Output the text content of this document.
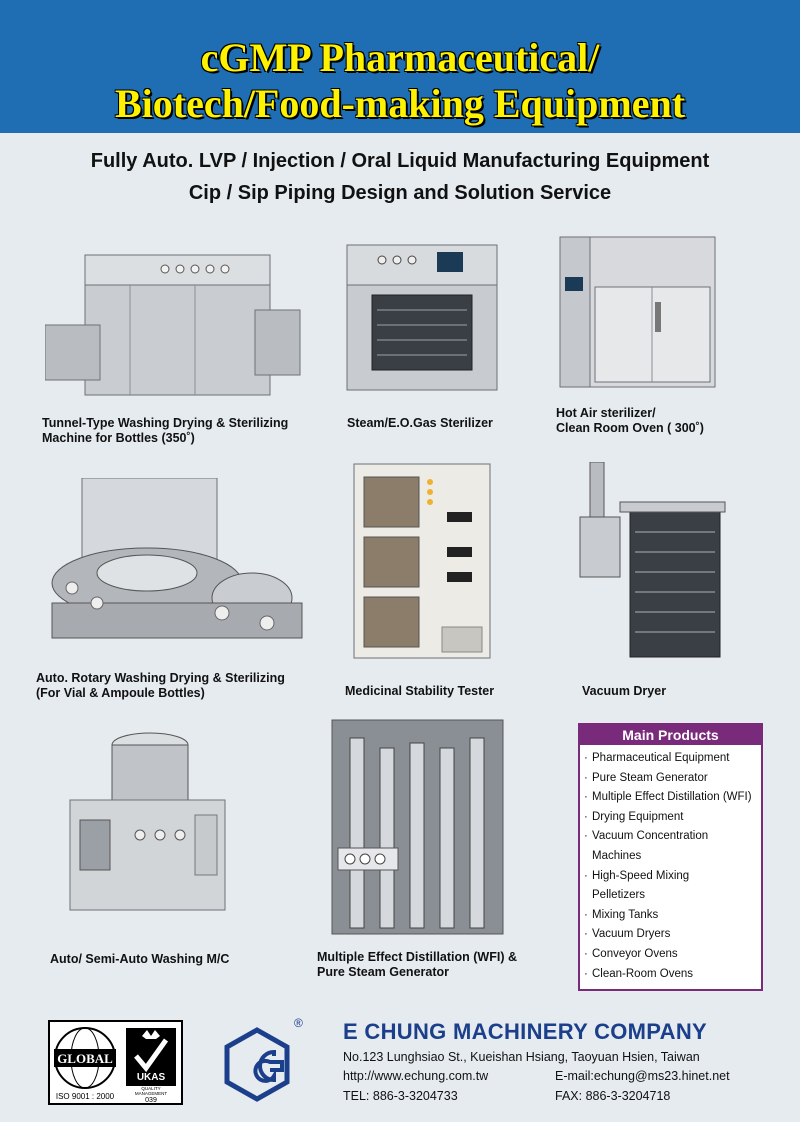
cGMP Pharmaceutical/
Biotech/Food-making Equipment
Fully Auto. LVP / Injection / Oral Liquid Manufacturing Equipment
Cip / Sip Piping Design and Solution Service
Tunnel-Type Washing Drying & Sterilizing
Machine for Bottles (350˚)
Steam/E.O.Gas Sterilizer
Hot Air sterilizer/
Clean Room Oven ( 300˚)
Auto. Rotary Washing Drying & Sterilizing
(For Vial & Ampoule Bottles)	Medicinal Stability Tester	Vacuum Dryer
Auto/ Semi-Auto Washing M/C	Multiple Effect Distillation (WFI) &
Pure Steam Generator
Main Products
· Pharmaceutical Equipment
· Pure Steam Generator
· Multiple Effect Distillation (WFI)
· Drying Equipment
· Vacuum Concentration
Machines
· High-Speed Mixing
Pelletizers
· Mixing Tanks
· Vacuum Dryers
· Conveyor Ovens
· Clean-Room Ovens
GLOBAL
ISO 9001 : 2000
UKAS
QUALITY
MANAGEMENT
039
® E CHUNG MACHINERY COMPANY
No.123 Lunghsiao St., Kueishan Hsiang, Taoyuan Hsien, Taiwan
http://www.echung.com.tw	E-mail:echung@ms23.hinet.net
TEL: 886-3-3204733	FAX: 886-3-3204718
